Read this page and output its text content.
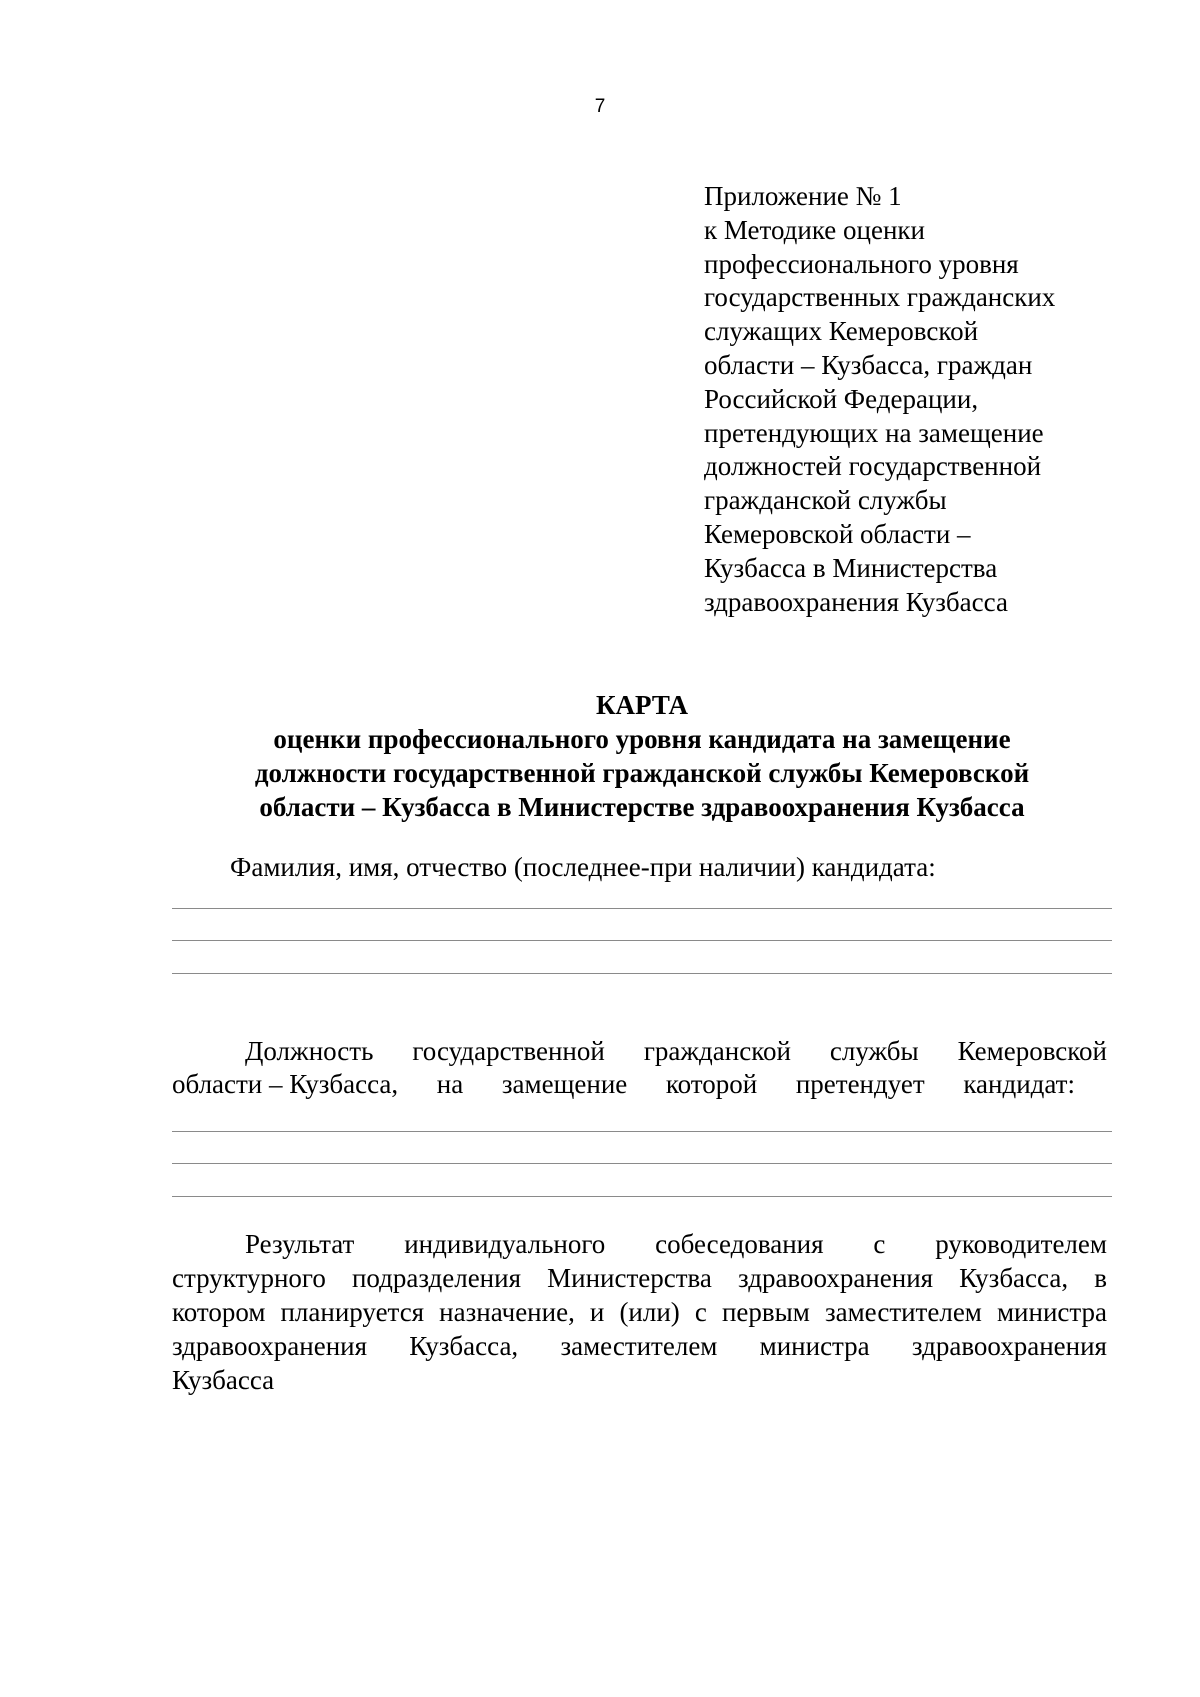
7
Приложение № 1
к Методике оценки
профессионального уровня
государственных гражданских
служащих Кемеровской
области – Кузбасса, граждан
Российской Федерации,
претендующих на замещение
должностей государственной
гражданской службы
Кемеровской области –
Кузбасса в Министерства
здравоохранения Кузбасса
КАРТА
оценки профессионального уровня кандидата на замещение
должности государственной гражданской службы Кемеровской
области – Кузбасса в Министерстве здравоохранения Кузбасса
Фамилия, имя, отчество (последнее-при наличии) кандидата:
Должность государственной гражданской службы Кемеровской
области – Кузбасса, на замещение которой претендует кандидат:
Результат индивидуального собеседования с руководителем
структурного подразделения Министерства здравоохранения Кузбасса, в
котором планируется назначение, и (или) с первым заместителем министра
здравоохранения Кузбасса, заместителем министра здравоохранения
Кузбасса
